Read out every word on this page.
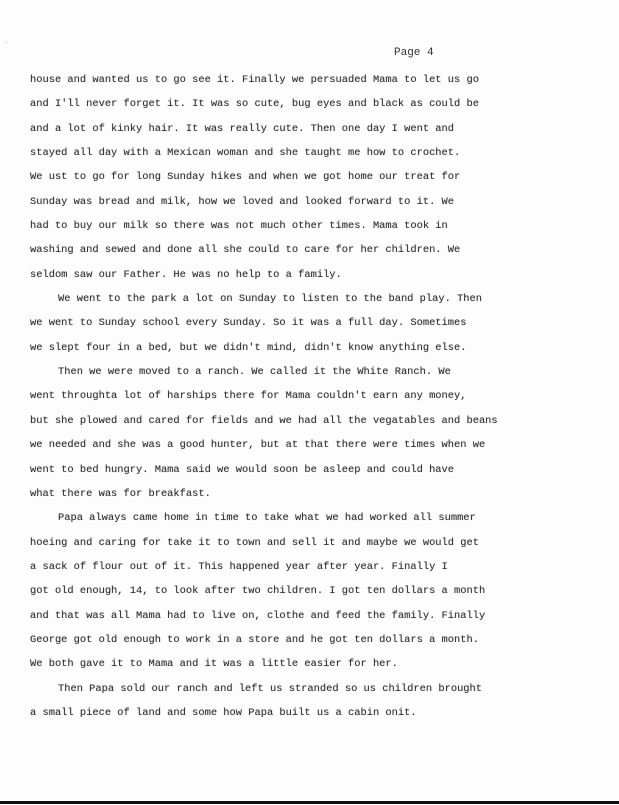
⋅
Page 4
house and wanted us to go see it. Finally we persuaded Mama to let us go
and I'll never forget it. It was so cute, bug eyes and black as could be
and a lot of kinky hair. It was really cute. Then one day I went and
stayed all day with a Mexican woman and she taught me how to crochet.
We ust to go for long Sunday hikes and when we got home our treat for
Sunday was bread and milk, how we loved and looked forward to it. We
had to buy our milk so there was not much other times. Mama took in
washing and sewed and done all she could to care for her children. We
seldom saw our Father. He was no help to a family.
We went to the park a lot on Sunday to listen to the band play. Then
we went to Sunday school every Sunday. So it was a full day. Sometimes
we slept four in a bed, but we didn't mind, didn't know anything else.
Then we were moved to a ranch. We called it the White Ranch. We
went throughta lot of harships there for Mama couldn't earn any money,
but she plowed and cared for fields and we had all the vegatables and beans
we needed and she was a good hunter, but at that there were times when we
went to bed hungry. Mama said we would soon be asleep and could have
what there was for breakfast.
Papa always came home in time to take what we had worked all summer
hoeing and caring for take it to town and sell it and maybe we would get
a sack of flour out of it. This happened year after year. Finally I
got old enough, 14, to look after two children. I got ten dollars a month
and that was all Mama had to live on, clothe and feed the family. Finally
George got old enough to work in a store and he got ten dollars a month.
We both gave it to Mama and it was a little easier for her.
Then Papa sold our ranch and left us stranded so us children brought
a small piece of land and some how Papa built us a cabin onit.
